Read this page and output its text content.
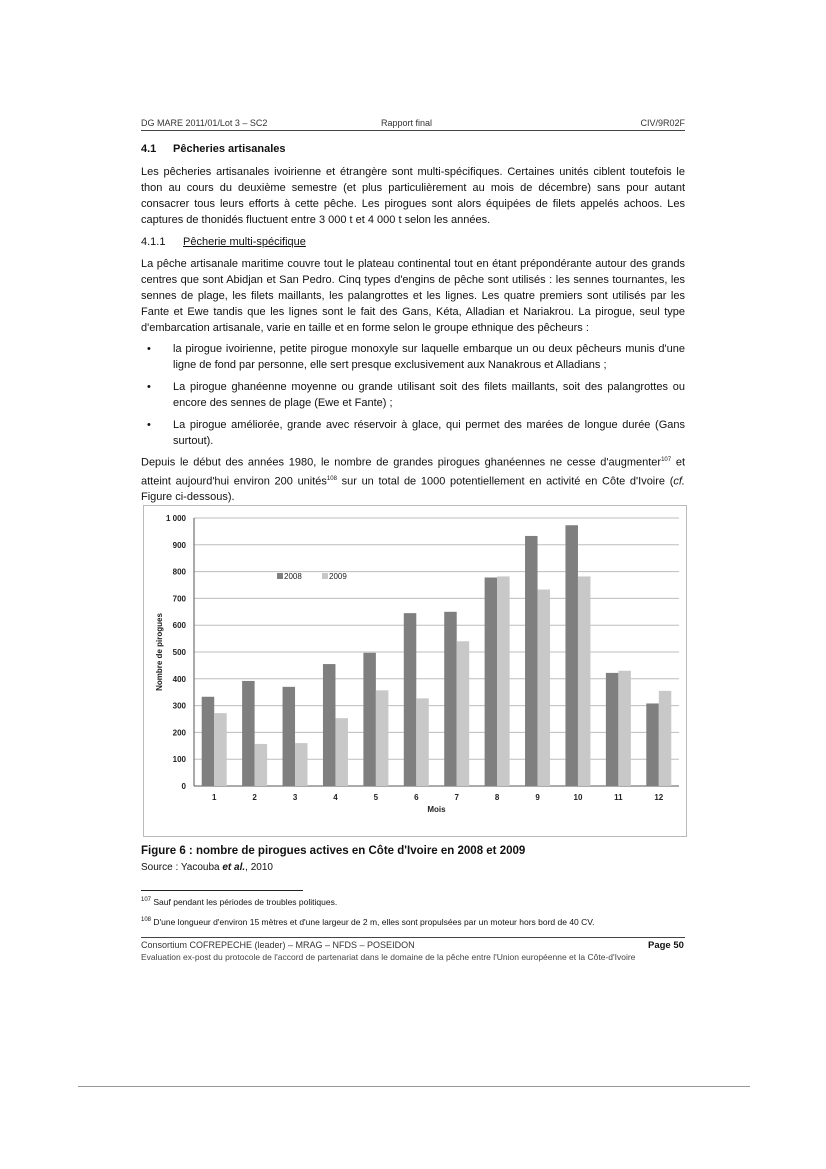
DG MARE 2011/01/Lot 3 – SC2	Rapport final	CIV/9R02F
4.1 Pêcheries artisanales

Les pêcheries artisanales ivoirienne et étrangère sont multi-spécifiques. Certaines unités ciblent toutefois le thon au cours du deuxième semestre (et plus particulièrement au mois de décembre) sans pour autant consacrer tous leurs efforts à cette pêche. Les pirogues sont alors équipées de filets appelés achoos. Les captures de thonidés fluctuent entre 3 000 t et 4 000 t selon les années.

4.1.1 Pêcherie multi-spécifique

La pêche artisanale maritime couvre tout le plateau continental tout en étant prépondérante autour des grands centres que sont Abidjan et San Pedro. Cinq types d'engins de pêche sont utilisés : les sennes tournantes, les sennes de plage, les filets maillants, les palangrottes et les lignes. Les quatre premiers sont utilisés par les Fante et Ewe tandis que les lignes sont le fait des Gans, Kéta, Alladian et Nariakrou. La pirogue, seul type d'embarcation artisanale, varie en taille et en forme selon le groupe ethnique des pêcheurs :

• la pirogue ivoirienne, petite pirogue monoxyle sur laquelle embarque un ou deux pêcheurs munis d'une ligne de fond par personne, elle sert presque exclusivement aux Nanakrous et Alladians ;
• La pirogue ghanéenne moyenne ou grande utilisant soit des filets maillants, soit des palangrottes ou encore des sennes de plage (Ewe et Fante) ;
• La pirogue améliorée, grande avec réservoir à glace, qui permet des marées de longue durée (Gans surtout).

Depuis le début des années 1980, le nombre de grandes pirogues ghanéennes ne cesse d'augmenter$^{107}$ et atteint aujourd'hui environ 200 unités$^{108}$ sur un total de 1000 potentiellement en activité en Côte d'Ivoire (cf. Figure ci-dessous).

0
100
200
300
400
500
600
700
800
900
1 000
1	2	3	4	5	6	7	8	9	10	11	12
Mois
Nombre de pirogues
2008	2009
Figure 6 : nombre de pirogues actives en Côte d'Ivoire en 2008 et 2009
Source : Yacouba et al., 2010
$^{107}$ Sauf pendant les périodes de troubles politiques.
$^{108}$ D'une longueur d'environ 15 mètres et d'une largeur de 2 m, elles sont propulsées par un moteur hors bord de 40 CV.
Consortium COFREPECHE (leader) – MRAG – NFDS – POSEIDON	Page 50
Evaluation ex-post du protocole de l'accord de partenariat dans le domaine de la pêche entre l'Union européenne et la Côte-d'Ivoire
